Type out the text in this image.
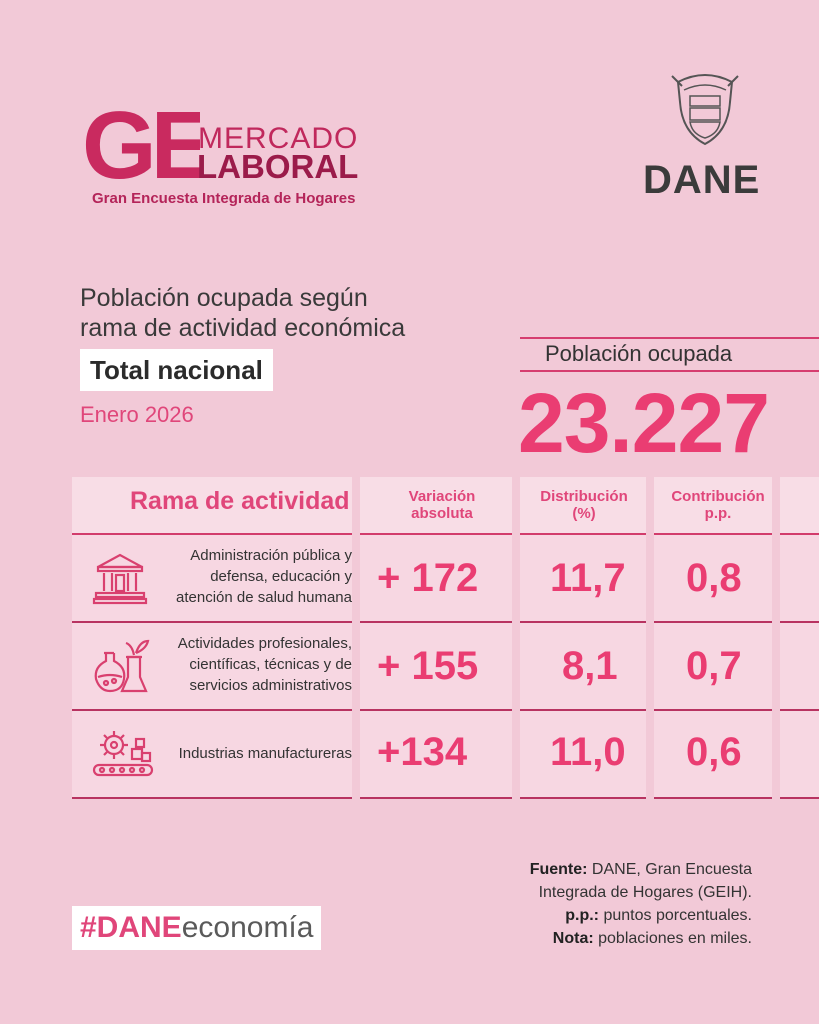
GE
MERCADO
LABORAL
Gran Encuesta Integrada de Hogares	DANE
Población ocupada según
rama de actividad económica
Total nacional
Enero 2026
Población ocupada
23.227
Rama de actividad	Variación
absoluta
Distribución
(%)
Contribución
p.p.
Administración pública y
defensa, educación y
atención de salud humana + 172 11,7 0,8
Actividades profesionales,
científicas, técnicas y de
servicios administrativos + 155 8,1 0,7
Industrias manufactureras +134 11,0 0,6
Fuente: DANE, Gran Encuesta
Integrada de Hogares (GEIH).
p.p.: puntos porcentuales.
Nota: poblaciones en miles.
#DANEeconomía
